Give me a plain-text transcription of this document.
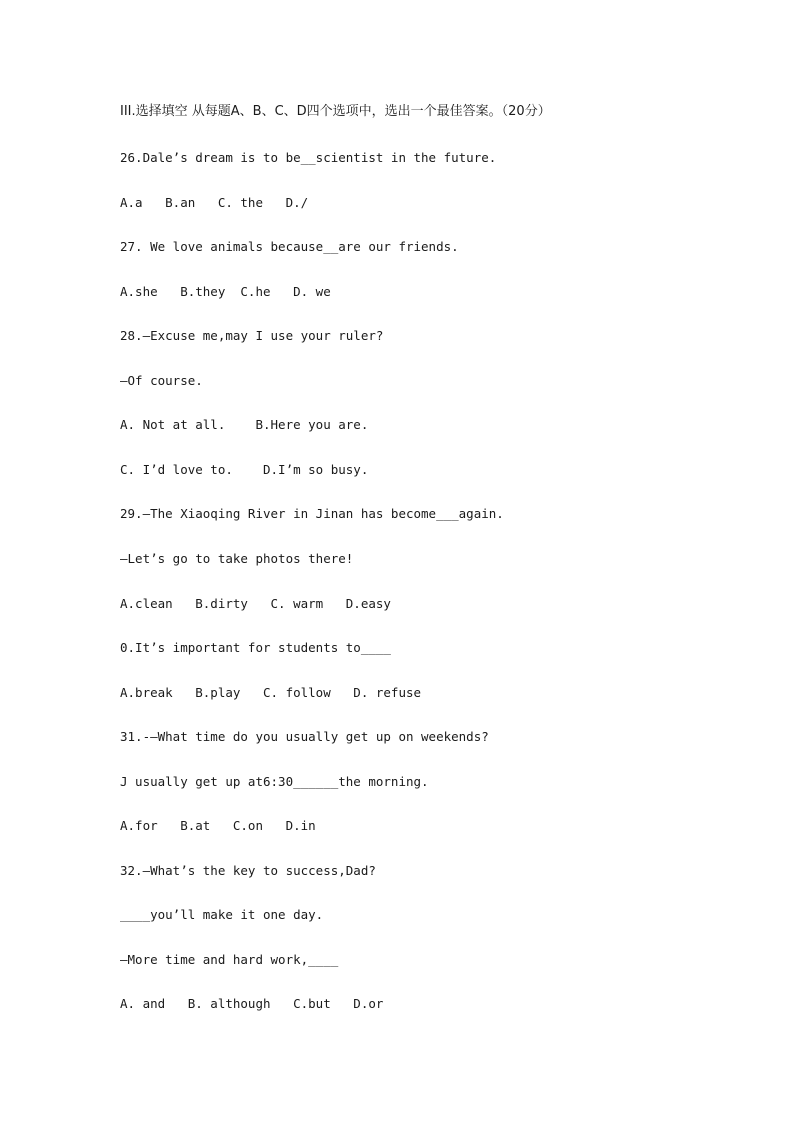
III.选择填空 从每题A、B、C、D四个选项中，选出一个最佳答案。（20分）
26.Dale’s dream is to be__scientist in the future.
A.a   B.an   C. the   D./
27. We love animals because__are our friends.
A.she   B.they  C.he   D. we
28.—Excuse me,may I use your ruler?
—Of course.
A. Not at all.    B.Here you are.
C. I’d love to.    D.I’m so busy.
29.—The Xiaoqing River in Jinan has become___again.
—Let’s go to take photos there!
A.clean   B.dirty   C. warm   D.easy
0.It’s important for students to____
A.break   B.play   C. follow   D. refuse
31.-—What time do you usually get up on weekends?
J usually get up at6:30______the morning.
A.for   B.at   C.on   D.in
32.—What’s the key to success,Dad?
____you’ll make it one day.
—More time and hard work,____
A. and   B. although   C.but   D.or
